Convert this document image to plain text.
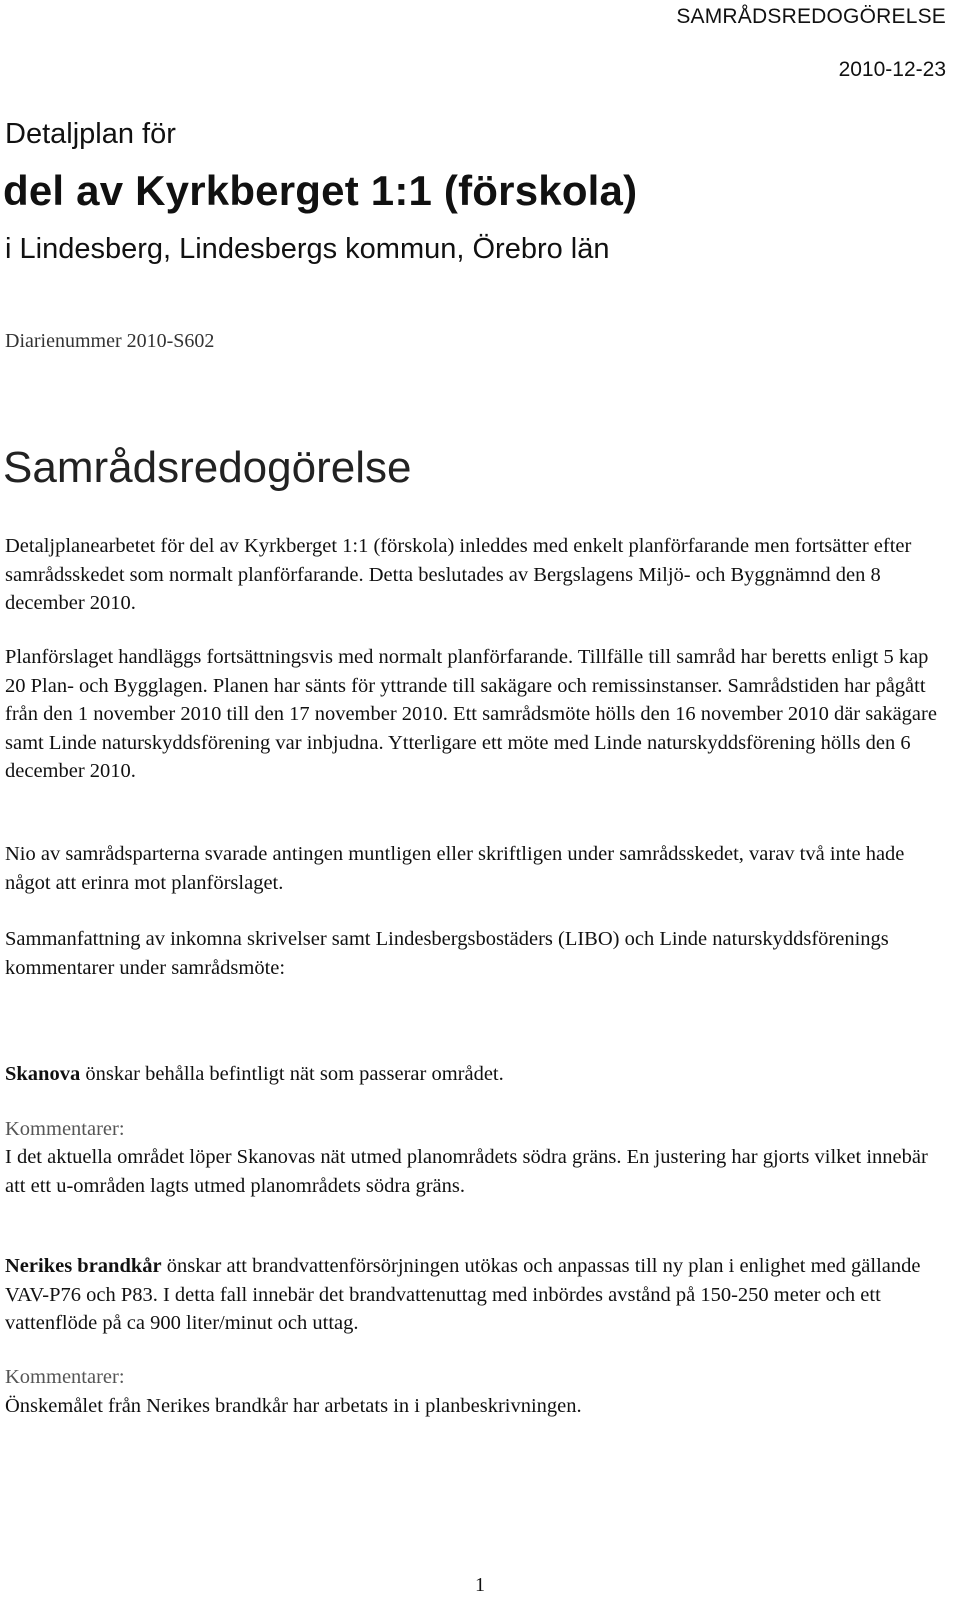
SAMRÅDSREDOGÖRELSE
2010-12-23
Detaljplan för
del av Kyrkberget 1:1 (förskola)
i Lindesberg, Lindesbergs kommun, Örebro län
Diarienummer 2010-S602
Samrådsredogörelse

Detaljplanearbetet för del av Kyrkberget 1:1 (förskola) inleddes med enkelt planförfarande men fortsätter efter samrådsskedet som normalt planförfarande. Detta beslutades av Bergslagens Miljö- och Byggnämnd den 8 december 2010.

Planförslaget handläggs fortsättningsvis med normalt planförfarande. Tillfälle till samråd har beretts enligt 5 kap 20 Plan- och Bygglagen. Planen har sänts för yttrande till sakägare och remissinstanser. Samrådstiden har pågått från den 1 november 2010 till den 17 november 2010. Ett samrådsmöte hölls den 16 november 2010 där sakägare samt Linde naturskyddsförening var inbjudna. Ytterligare ett möte med Linde naturskyddsförening hölls den 6 december 2010.

Nio av samrådsparterna svarade antingen muntligen eller skriftligen under samrådsskedet, varav två inte hade något att erinra mot planförslaget.

Sammanfattning av inkomna skrivelser samt Lindesbergsbostäders (LIBO) och Linde naturskyddsförenings kommentarer under samrådsmöte:

Skanova önskar behålla befintligt nät som passerar området.

Kommentarer:

I det aktuella området löper Skanovas nät utmed planområdets södra gräns. En justering har gjorts vilket innebär att ett u-områden lagts utmed planområdets södra gräns.

Nerikes brandkår önskar att brandvattenförsörjningen utökas och anpassas till ny plan i enlighet med gällande VAV-P76 och P83. I detta fall innebär det brandvattenuttag med inbördes avstånd på 150-250 meter och ett vattenflöde på ca 900 liter/minut och uttag.

Kommentarer:

Önskemålet från Nerikes brandkår har arbetats in i planbeskrivningen.

1
